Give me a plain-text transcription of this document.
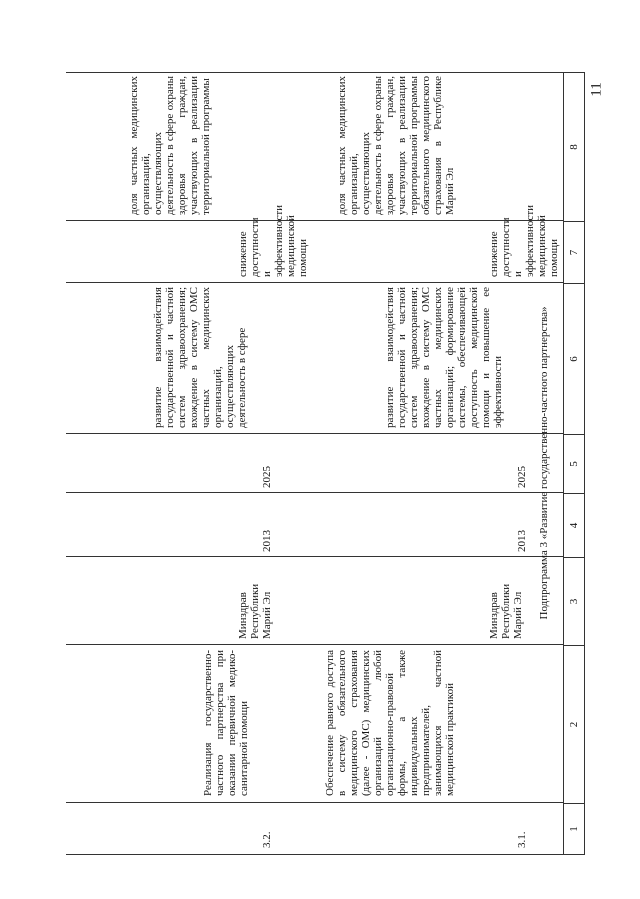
11
1
2
3
4
5
6
7
8
Подпрограмма 3 «Развитие государственно-частного партнерства»
3.1.
Обеспечение равного доступа в систему обязательного медицинского страхования (далее - ОМС) медицинских организаций любой организационно-правовой формы, а также индивидуальных предпринимателей, занимающихся частной медицинской практикой
Минздрав Республики Марий Эл
2013
2025
развитие взаимодействия государственной и частной систем здравоохранения; вхождение в систему ОМС частных медицинских организаций; формирование системы, обеспечивающей доступность медицинской помощи и повышение ее эффективности
снижение доступности и эффективности медицинской помощи
доля частных медицинских организаций, осуществляющих деятельность в сфере охраны здоровья граждан, участвующих в реализации территориальной программы обязательного медицинского страхования в Республике Марий Эл
3.2.
Реализация государственно-частного партнерства при оказании первичной медико-санитарной помощи
Минздрав Республики Марий Эл
2013
2025
развитие взаимодействия государственной и частной систем здравоохранения; вхождение в систему ОМС частных медицинских организаций, осуществляющих деятельность в сфере
снижение доступности и эффективности медицинской помощи
доля частных медицинских организаций, осуществляющих деятельность в сфере охраны здоровья граждан, участвующих в реализации территориальной программы
